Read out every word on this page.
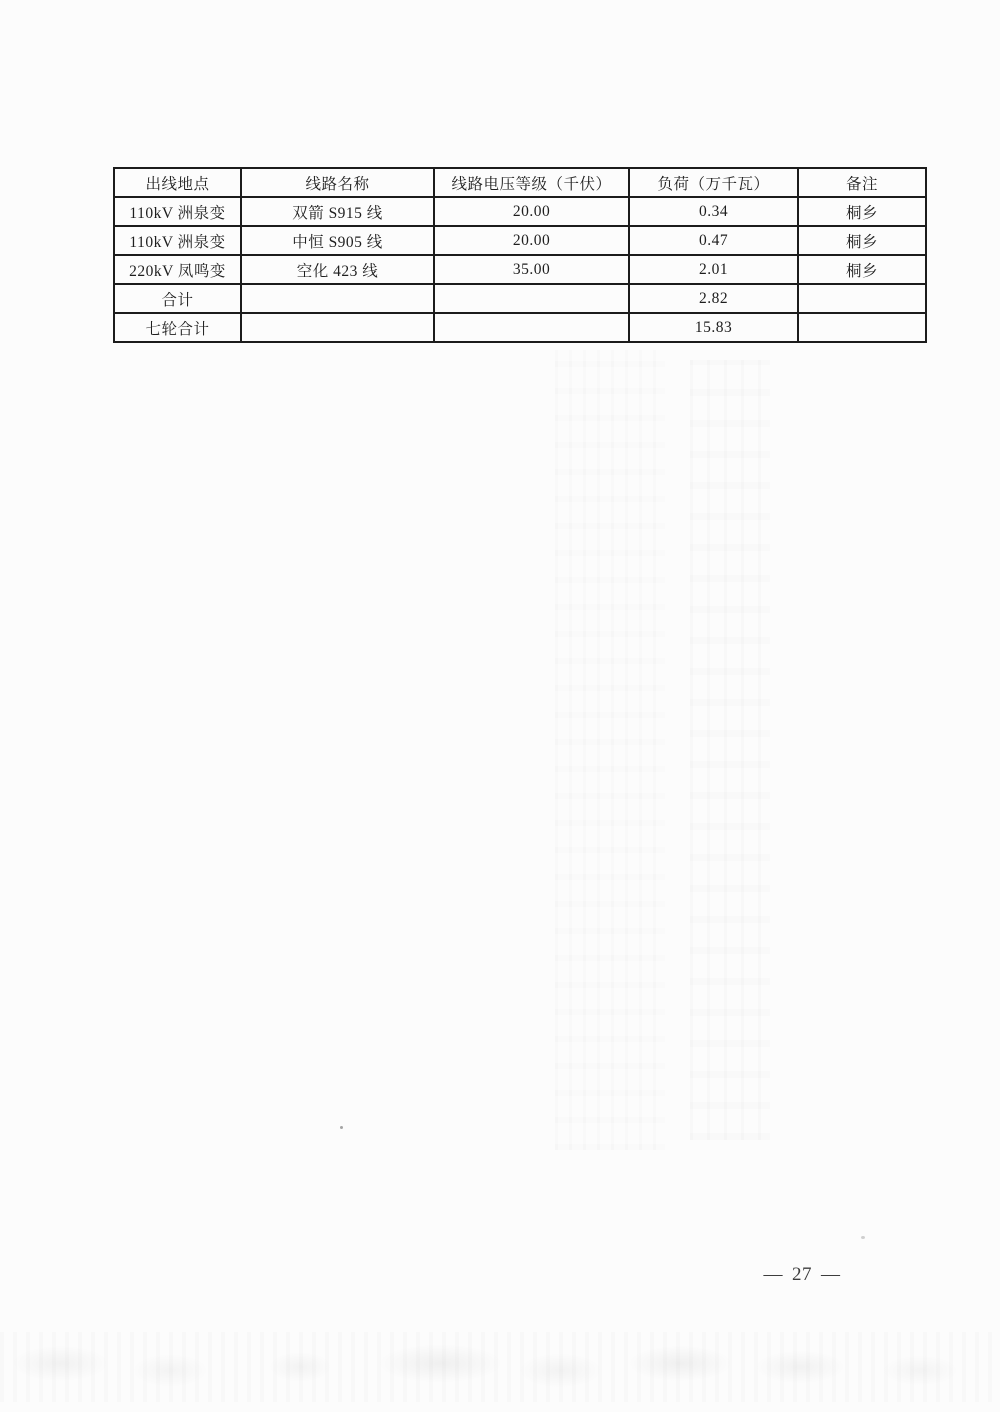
出线地点	线路名称	线路电压等级（千伏）	负荷（万千瓦）	备注
110kV 洲泉变	双箭 S915 线	20.00	0.34	桐乡
110kV 洲泉变	中恒 S905 线	20.00	0.47	桐乡
220kV 凤鸣变	空化 423 线	35.00	2.01	桐乡
合计			2.82	
七轮合计			15.83	
— 27 —
